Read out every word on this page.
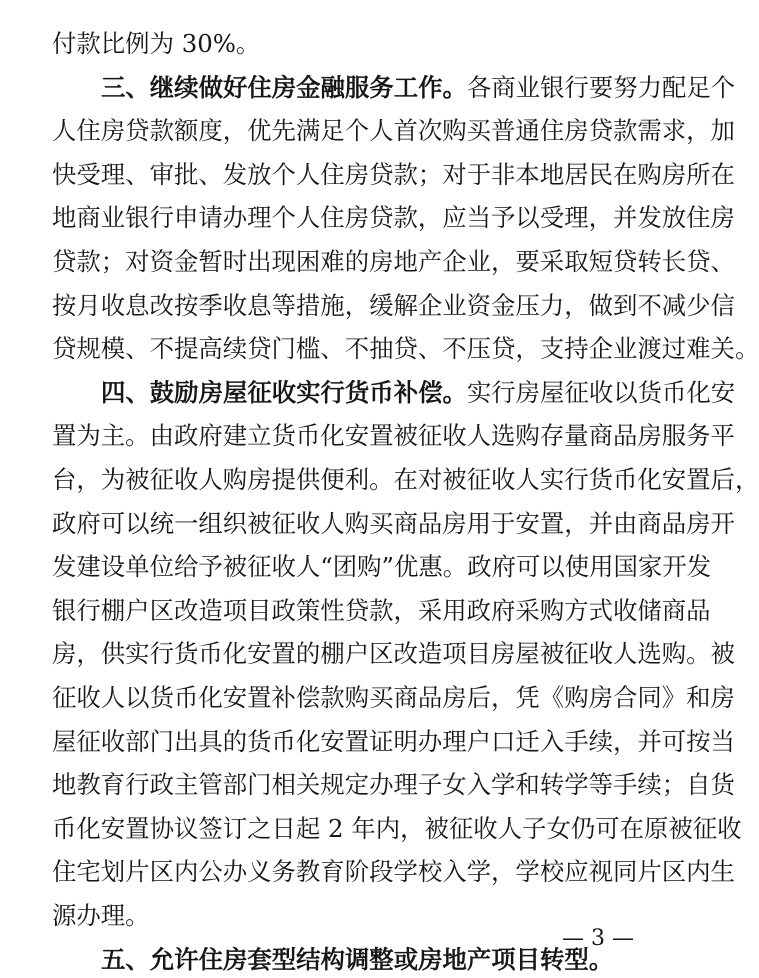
付款比例为 30%。
三、继续做好住房金融服务工作。各商业银行要努力配足个
人住房贷款额度，优先满足个人首次购买普通住房贷款需求，加
快受理、审批、发放个人住房贷款；对于非本地居民在购房所在
地商业银行申请办理个人住房贷款，应当予以受理，并发放住房
贷款；对资金暂时出现困难的房地产企业，要采取短贷转长贷、
按月收息改按季收息等措施，缓解企业资金压力，做到不减少信
贷规模、不提高续贷门槛、不抽贷、不压贷，支持企业渡过难关。
四、鼓励房屋征收实行货币补偿。实行房屋征收以货币化安
置为主。由政府建立货币化安置被征收人选购存量商品房服务平
台，为被征收人购房提供便利。在对被征收人实行货币化安置后，
政府可以统一组织被征收人购买商品房用于安置，并由商品房开
发建设单位给予被征收人“团购”优惠。政府可以使用国家开发
银行棚户区改造项目政策性贷款，采用政府采购方式收储商品
房，供实行货币化安置的棚户区改造项目房屋被征收人选购。被
征收人以货币化安置补偿款购买商品房后，凭《购房合同》和房
屋征收部门出具的货币化安置证明办理户口迁入手续，并可按当
地教育行政主管部门相关规定办理子女入学和转学等手续；自货
币化安置协议签订之日起 2 年内，被征收人子女仍可在原被征收
住宅划片区内公办义务教育阶段学校入学，学校应视同片区内生
源办理。
五、允许住房套型结构调整或房地产项目转型。
— 3 —
